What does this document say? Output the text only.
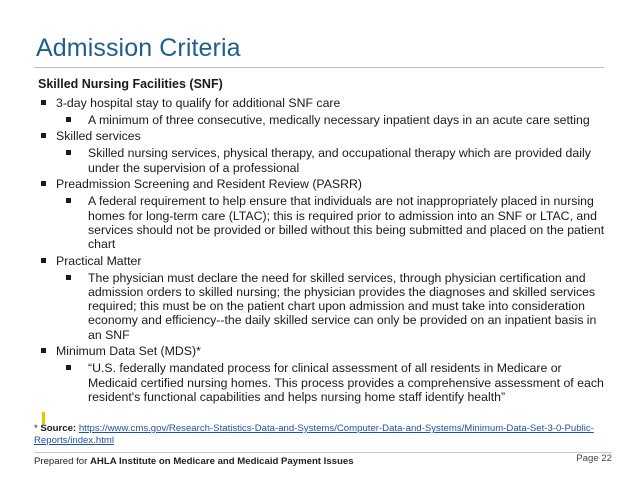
Admission Criteria
Skilled Nursing Facilities (SNF)
3-day hospital stay to qualify for additional SNF care
A minimum of three consecutive, medically necessary inpatient days in an acute care setting
Skilled services
Skilled nursing services, physical therapy, and occupational therapy which are provided daily under the supervision of a professional
Preadmission Screening and Resident Review (PASRR)
A federal requirement to help ensure that individuals are not inappropriately placed in nursing homes for long-term care (LTAC); this is required prior to admission into an SNF or LTAC, and services should not be provided or billed without this being submitted and placed on the patient chart
Practical Matter
The physician must declare the need for skilled services, through physician certification and admission orders to skilled nursing; the physician provides the diagnoses and skilled services required; this must be on the patient chart upon admission and must take into consideration economy and efficiency--the daily skilled service can only be provided on an inpatient basis in an SNF
Minimum Data Set (MDS)*
“U.S. federally mandated process for clinical assessment of all residents in Medicare or Medicaid certified nursing homes. This process provides a comprehensive assessment of each resident's functional capabilities and helps nursing home staff identify health”
* Source: https://www.cms.gov/Research-Statistics-Data-and-Systems/Computer-Data-and-Systems/Minimum-Data-Set-3-0-Public-Reports/index.html
Prepared for AHLA Institute on Medicare and Medicaid Payment Issues	Page 22
